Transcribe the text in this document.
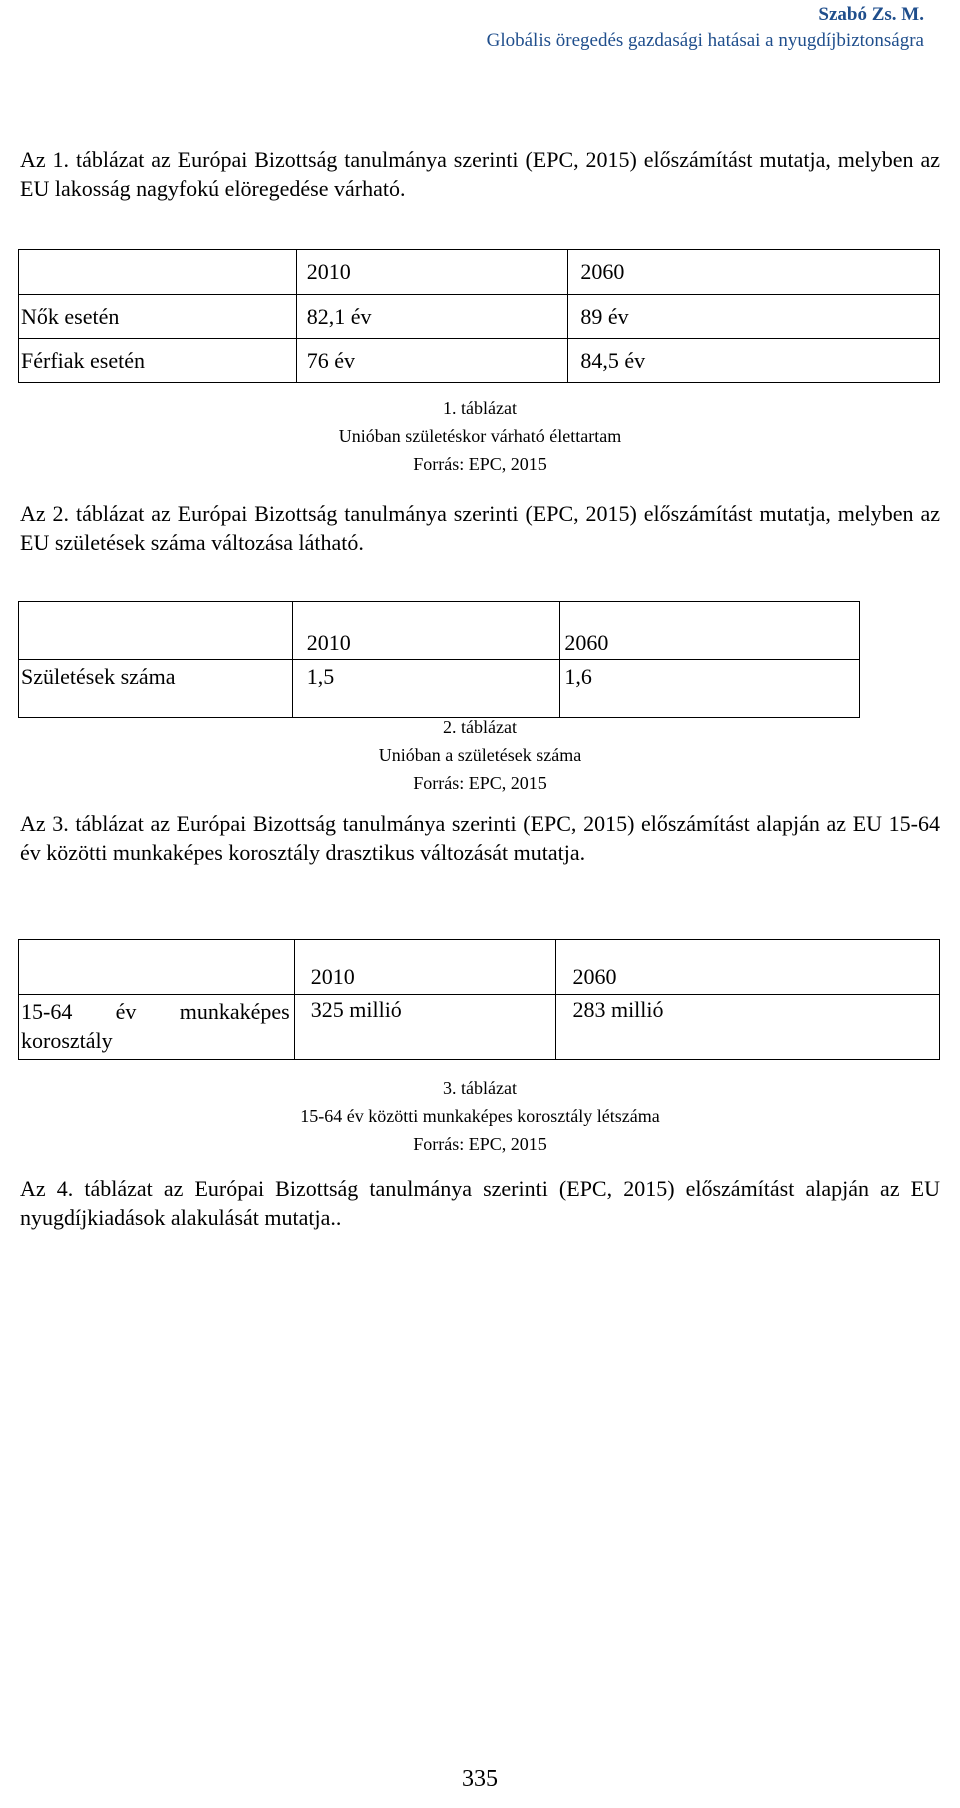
Szabó Zs. M.
Globális öregedés gazdasági hatásai a nyugdíjbiztonságra

Az 1. táblázat az Európai Bizottság tanulmánya szerinti (EPC, 2015) előszámítást mutatja, melyben az EU lakosság nagyfokú elöregedése várható.

	2010	2060
Nők esetén	82,1 év	89 év
Férfiak esetén	76 év	84,5 év
1. táblázat
Unióban születéskor várható élettartam
Forrás: EPC, 2015

Az 2. táblázat az Európai Bizottság tanulmánya szerinti (EPC, 2015) előszámítást mutatja, melyben az EU születések száma változása látható.

	2010	2060
Születések száma	1,5	1,6
2. táblázat
Unióban a születések száma
Forrás: EPC, 2015

Az 3. táblázat az Európai Bizottság tanulmánya szerinti (EPC, 2015) előszámítást alapján az EU 15-64 év közötti munkaképes korosztály drasztikus változását mutatja.

	2010	2060
15-64 év munkaképes korosztály	325 millió	283 millió
3. táblázat
15-64 év közötti munkaképes korosztály létszáma
Forrás: EPC, 2015

Az 4. táblázat az Európai Bizottság tanulmánya szerinti (EPC, 2015) előszámítást alapján az EU nyugdíjkiadások alakulását mutatja..

335
